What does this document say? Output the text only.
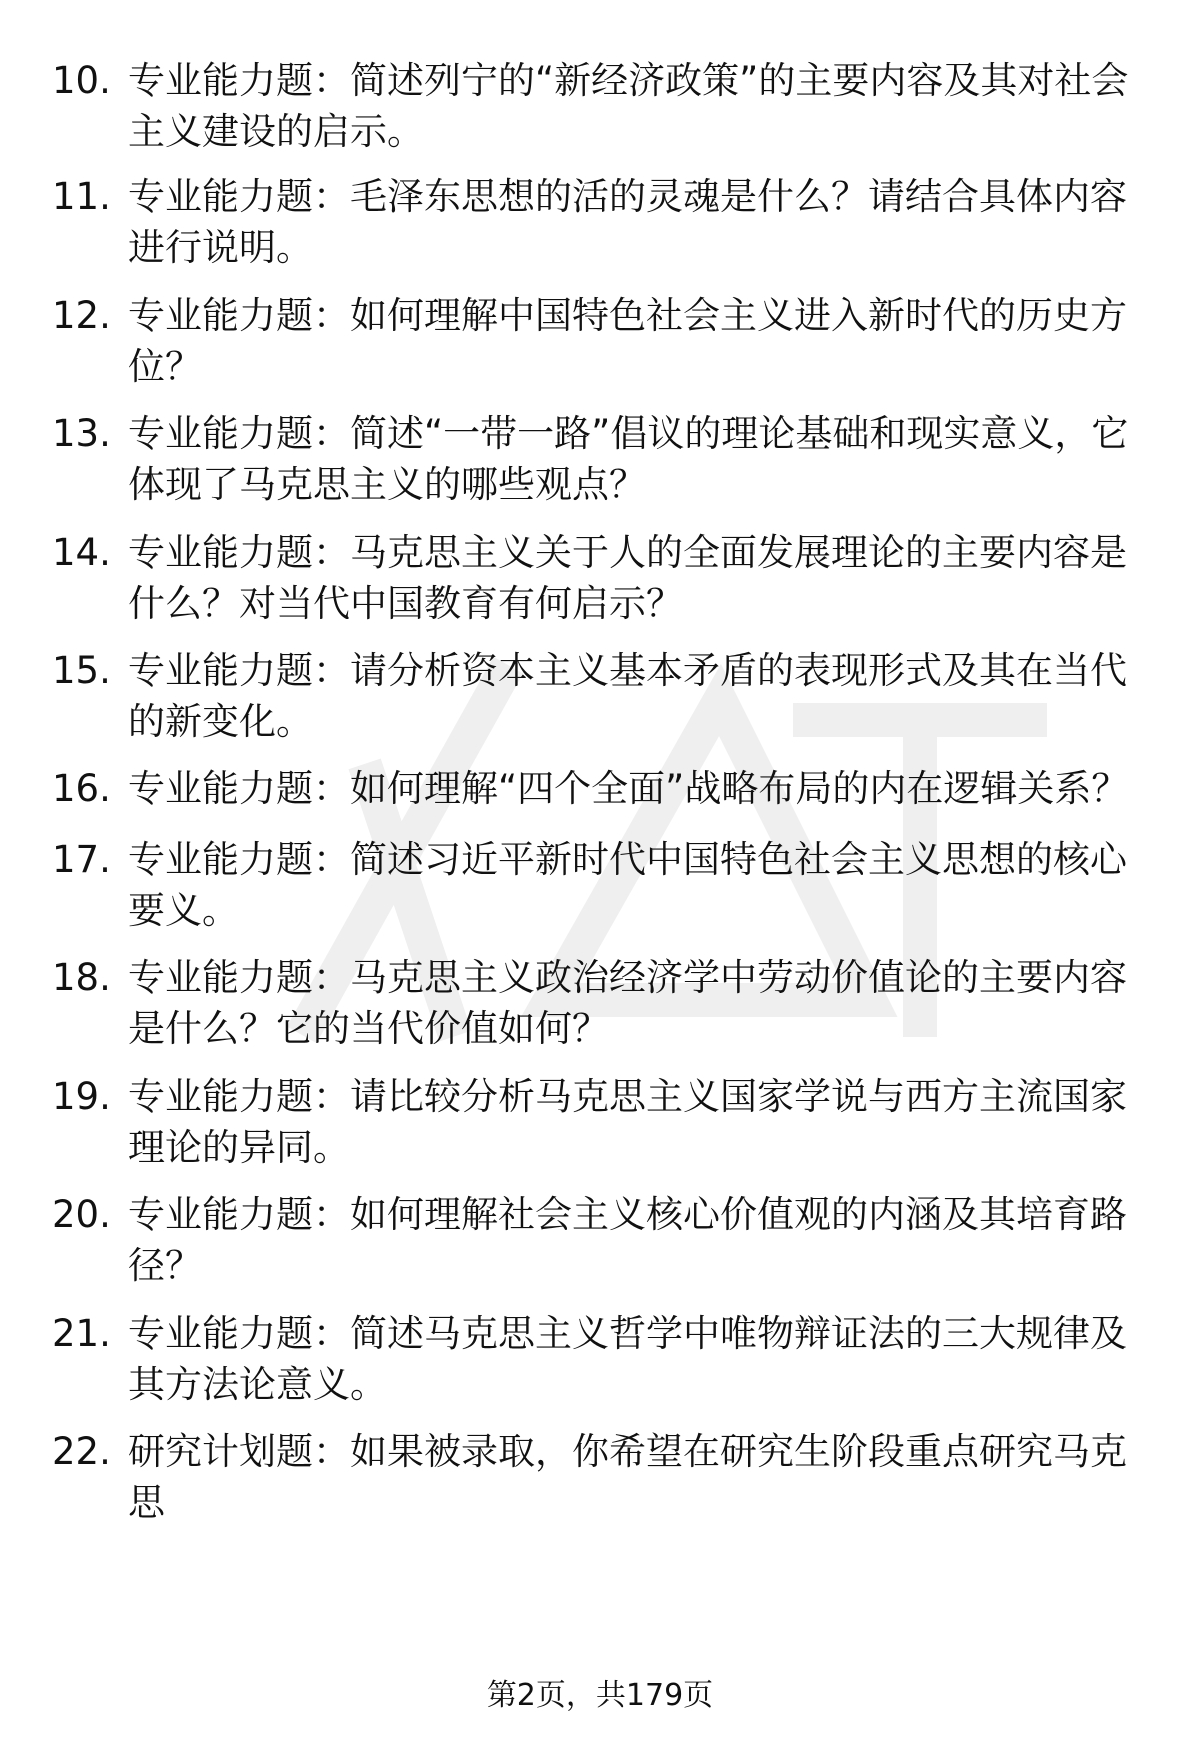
10. 专业能力题：简述列宁的“新经济政策”的主要内容及其对社会主义建设的启示。
11. 专业能力题：毛泽东思想的活的灵魂是什么？请结合具体内容进行说明。
12. 专业能力题：如何理解中国特色社会主义进入新时代的历史方位？
13. 专业能力题：简述“一带一路”倡议的理论基础和现实意义，它体现了马克思主义的哪些观点？
14. 专业能力题：马克思主义关于人的全面发展理论的主要内容是什么？对当代中国教育有何启示？
15. 专业能力题：请分析资本主义基本矛盾的表现形式及其在当代的新变化。
16. 专业能力题：如何理解“四个全面”战略布局的内在逻辑关系？
17. 专业能力题：简述习近平新时代中国特色社会主义思想的核心要义。
18. 专业能力题：马克思主义政治经济学中劳动价值论的主要内容是什么？它的当代价值如何？
19. 专业能力题：请比较分析马克思主义国家学说与西方主流国家理论的异同。
20. 专业能力题：如何理解社会主义核心价值观的内涵及其培育路径？
21. 专业能力题：简述马克思主义哲学中唯物辩证法的三大规律及其方法论意义。
22. 研究计划题：如果被录取，你希望在研究生阶段重点研究马克思
第2页，共179页
